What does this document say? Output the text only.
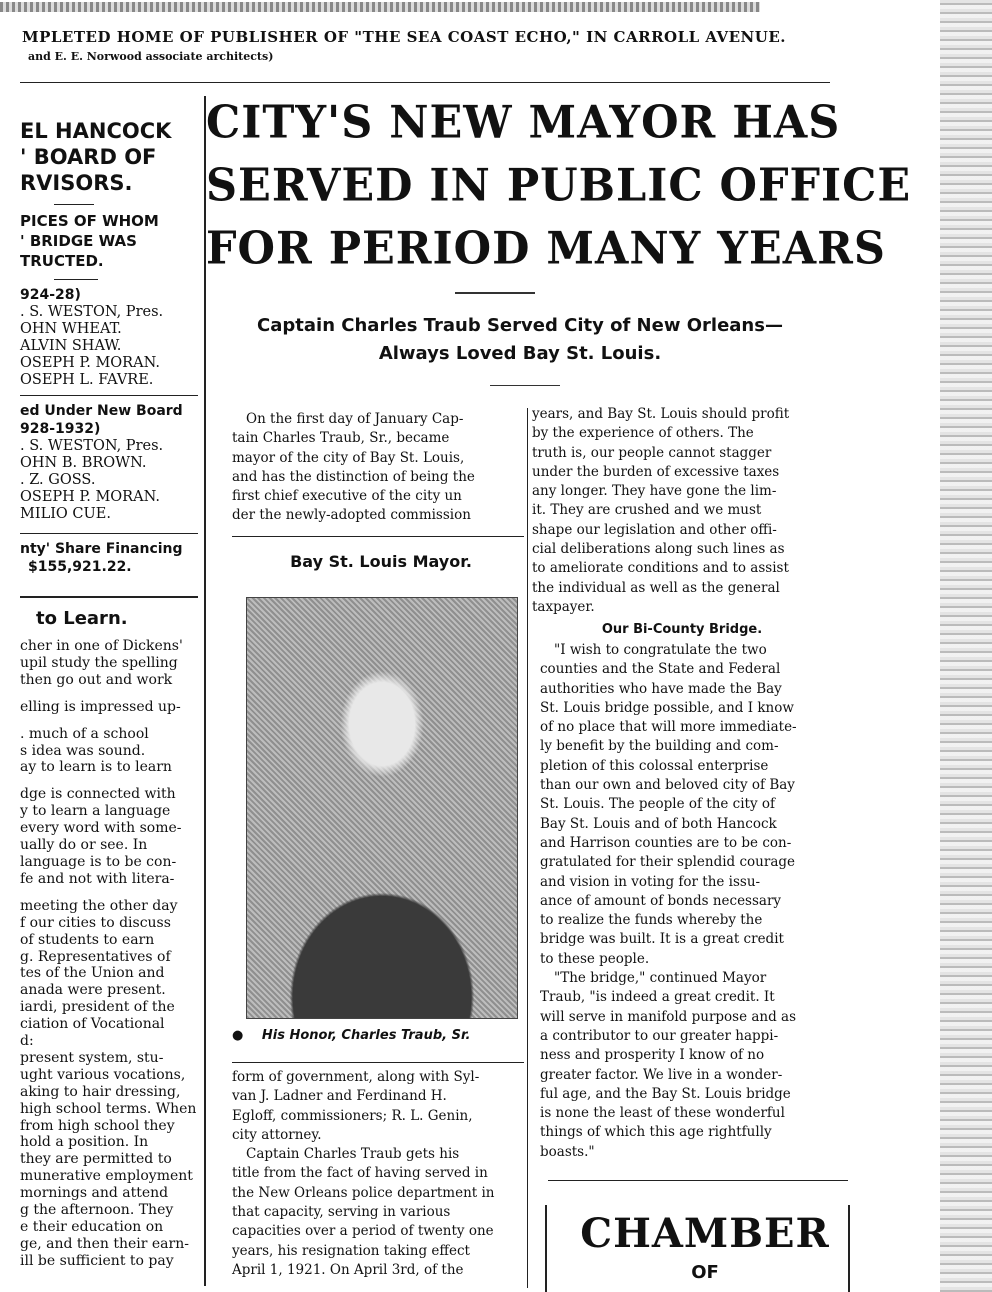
MPLETED HOME OF PUBLISHER OF "THE SEA COAST ECHO," IN CARROLL AVENUE.
and E. E. Norwood associate architects)
EL HANCOCK
' BOARD OF
RVISORS.
PICES OF WHOM
' BRIDGE WAS
TRUCTED.
924-28)
. S. WESTON, Pres.
OHN WHEAT.
ALVIN SHAW.
OSEPH P. MORAN.
OSEPH L. FAVRE.
ed Under New Board
928-1932)
. S. WESTON, Pres.
OHN B. BROWN.
. Z. GOSS.
OSEPH P. MORAN.
MILIO CUE.
nty' Share Financing
$155,921.22.
to Learn.
cher in one of Dickens'
upil study the spelling
then go out and work
elling is impressed up-
. much of a school
s idea was sound.
ay to learn is to learn
dge is connected with
y to learn a language
every word with some-
ually do or see. In
language is to be con-
fe and not with litera-
meeting the other day
f our cities to discuss
of students to earn
g. Representatives of
tes of the Union and
anada were present.
iardi, president of the
ciation of Vocational
d:
present system, stu-
ught various vocations,
aking to hair dressing,
high school terms. When
from high school they
hold a position. In
they are permitted to
munerative employment
mornings and attend
g the afternoon. They
e their education on
ge, and then their earn-
ill be sufficient to pay
CITY'S NEW MAYOR HAS
SERVED IN PUBLIC OFFICE
FOR PERIOD MANY YEARS
Captain Charles Traub Served City of New Orleans—
Always Loved Bay St. Louis.
On the first day of January Cap-
tain Charles Traub, Sr., became
mayor of the city of Bay St. Louis,
and has the distinction of being the
first chief executive of the city un
der the newly-adopted commission
Bay St. Louis Mayor.
● His Honor, Charles Traub, Sr.
form of government, along with Syl-
van J. Ladner and Ferdinand H.
Egloff, commissioners; R. L. Genin,
city attorney.
Captain Charles Traub gets his
title from the fact of having served in
the New Orleans police department in
that capacity, serving in various
capacities over a period of twenty one
years, his resignation taking effect
April 1, 1921. On April 3rd, of the
years, and Bay St. Louis should profit
by the experience of others. The
truth is, our people cannot stagger
under the burden of excessive taxes
any longer. They have gone the lim-
it. They are crushed and we must
shape our legislation and other offi-
cial deliberations along such lines as
to ameliorate conditions and to assist
the individual as well as the general
taxpayer.
Our Bi-County Bridge.
"I wish to congratulate the two
counties and the State and Federal
authorities who have made the Bay
St. Louis bridge possible, and I know
of no place that will more immediate-
ly benefit by the building and com-
pletion of this colossal enterprise
than our own and beloved city of Bay
St. Louis. The people of the city of
Bay St. Louis and of both Hancock
and Harrison counties are to be con-
gratulated for their splendid courage
and vision in voting for the issu-
ance of amount of bonds necessary
to realize the funds whereby the
bridge was built. It is a great credit
to these people.
"The bridge," continued Mayor
Traub, "is indeed a great credit. It
will serve in manifold purpose and as
a contributor to our greater happi-
ness and prosperity I know of no
greater factor. We live in a wonder-
ful age, and the Bay St. Louis bridge
is none the least of these wonderful
things of which this age rightfully
boasts."
CHAMBER
OF
